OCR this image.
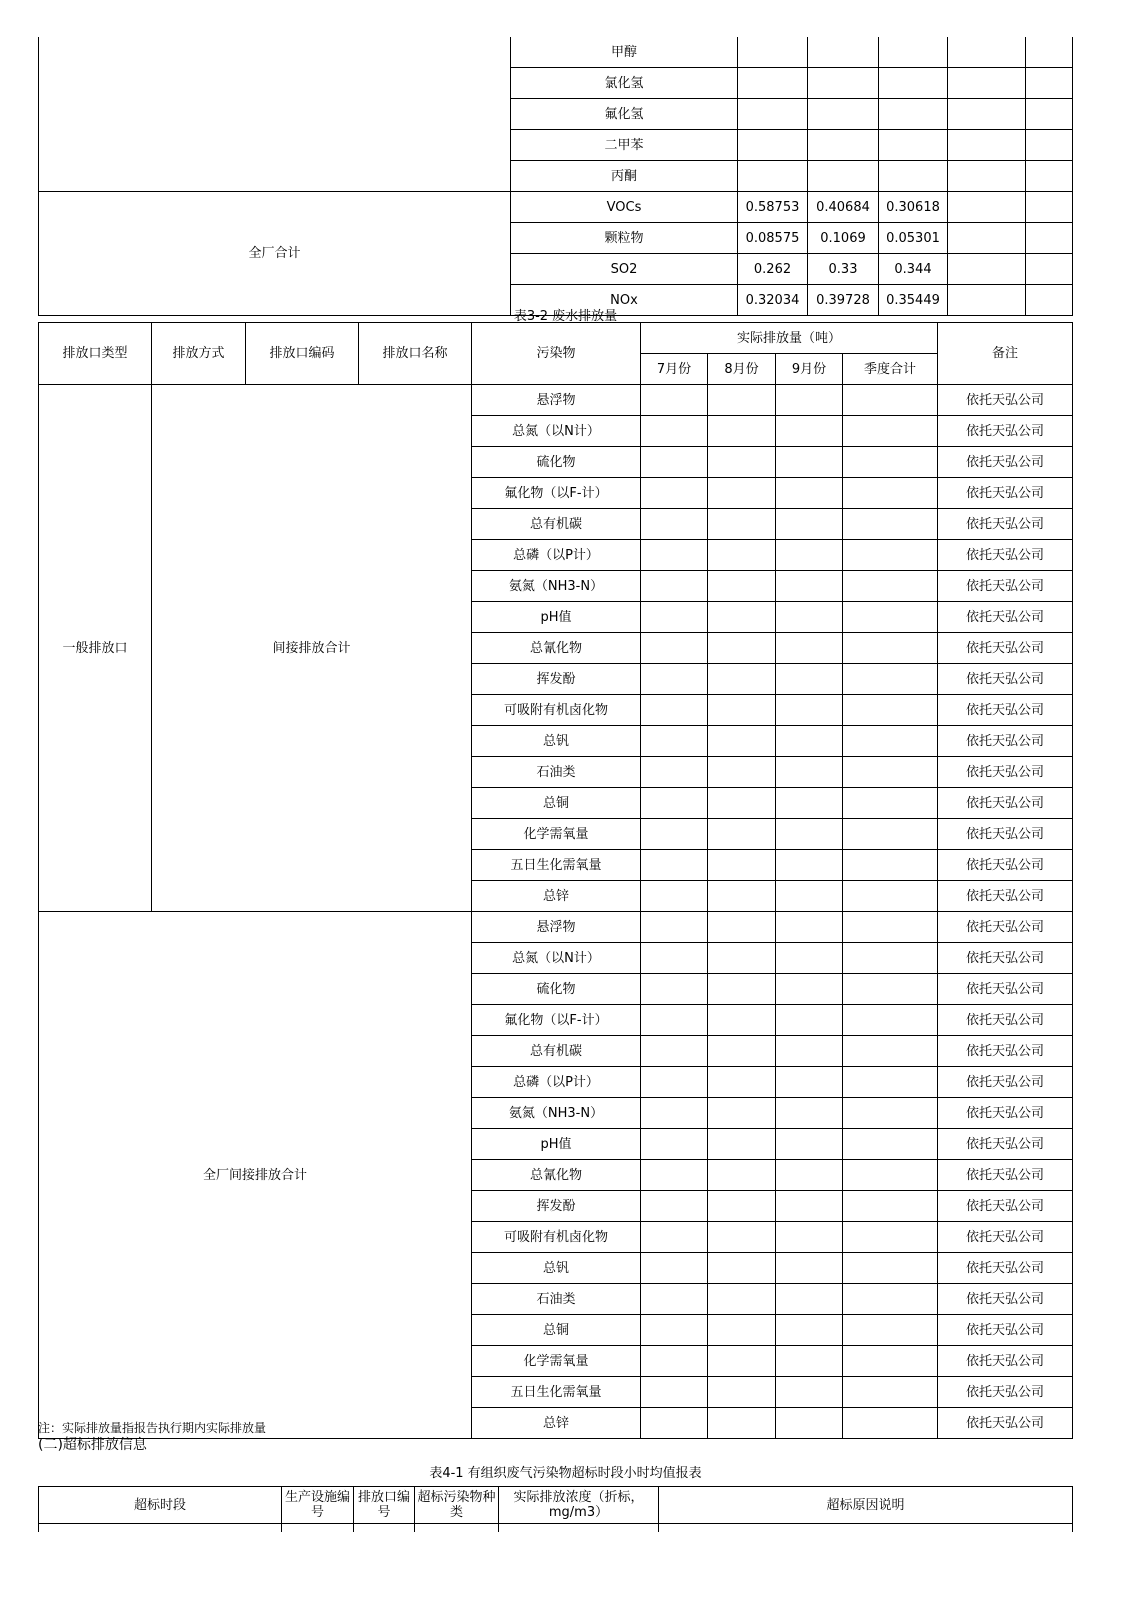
	甲醇					
	氯化氢					
	氟化氢					
	二甲苯					
	丙酮					
全厂合计	VOCs	0.58753	0.40684	0.30618		
	颗粒物	0.08575	0.1069	0.05301		
	SO2	0.262	0.33	0.344		
	NOx	0.32034	0.39728	0.35449		
表3-2 废水排放量
排放口类型	排放方式	排放口编码	排放口名称	污染物	实际排放量（吨）				备注
					7月份	8月份	9月份	季度合计	
一般排放口	间接排放合计			悬浮物					依托天弘公司
				总氮（以N计）					依托天弘公司
				硫化物					依托天弘公司
				氟化物（以F-计）					依托天弘公司
				总有机碳					依托天弘公司
				总磷（以P计）					依托天弘公司
				氨氮（NH3-N）					依托天弘公司
				pH值					依托天弘公司
				总氰化物					依托天弘公司
				挥发酚					依托天弘公司
				可吸附有机卤化物					依托天弘公司
				总钒					依托天弘公司
				石油类					依托天弘公司
				总铜					依托天弘公司
				化学需氧量					依托天弘公司
				五日生化需氧量					依托天弘公司
				总锌					依托天弘公司
全厂间接排放合计				悬浮物					依托天弘公司
				总氮（以N计）					依托天弘公司
				硫化物					依托天弘公司
				氟化物（以F-计）					依托天弘公司
				总有机碳					依托天弘公司
				总磷（以P计）					依托天弘公司
				氨氮（NH3-N）					依托天弘公司
				pH值					依托天弘公司
				总氰化物					依托天弘公司
				挥发酚					依托天弘公司
				可吸附有机卤化物					依托天弘公司
				总钒					依托天弘公司
				石油类					依托天弘公司
				总铜					依托天弘公司
				化学需氧量					依托天弘公司
				五日生化需氧量					依托天弘公司
				总锌					依托天弘公司
注：实际排放量指报告执行期内实际排放量
(二)超标排放信息
表4-1 有组织废气污染物超标时段小时均值报表
超标时段	生产设施编号	排放口编号	超标污染物种类	实际排放浓度（折标，mg/m3）	超标原因说明
